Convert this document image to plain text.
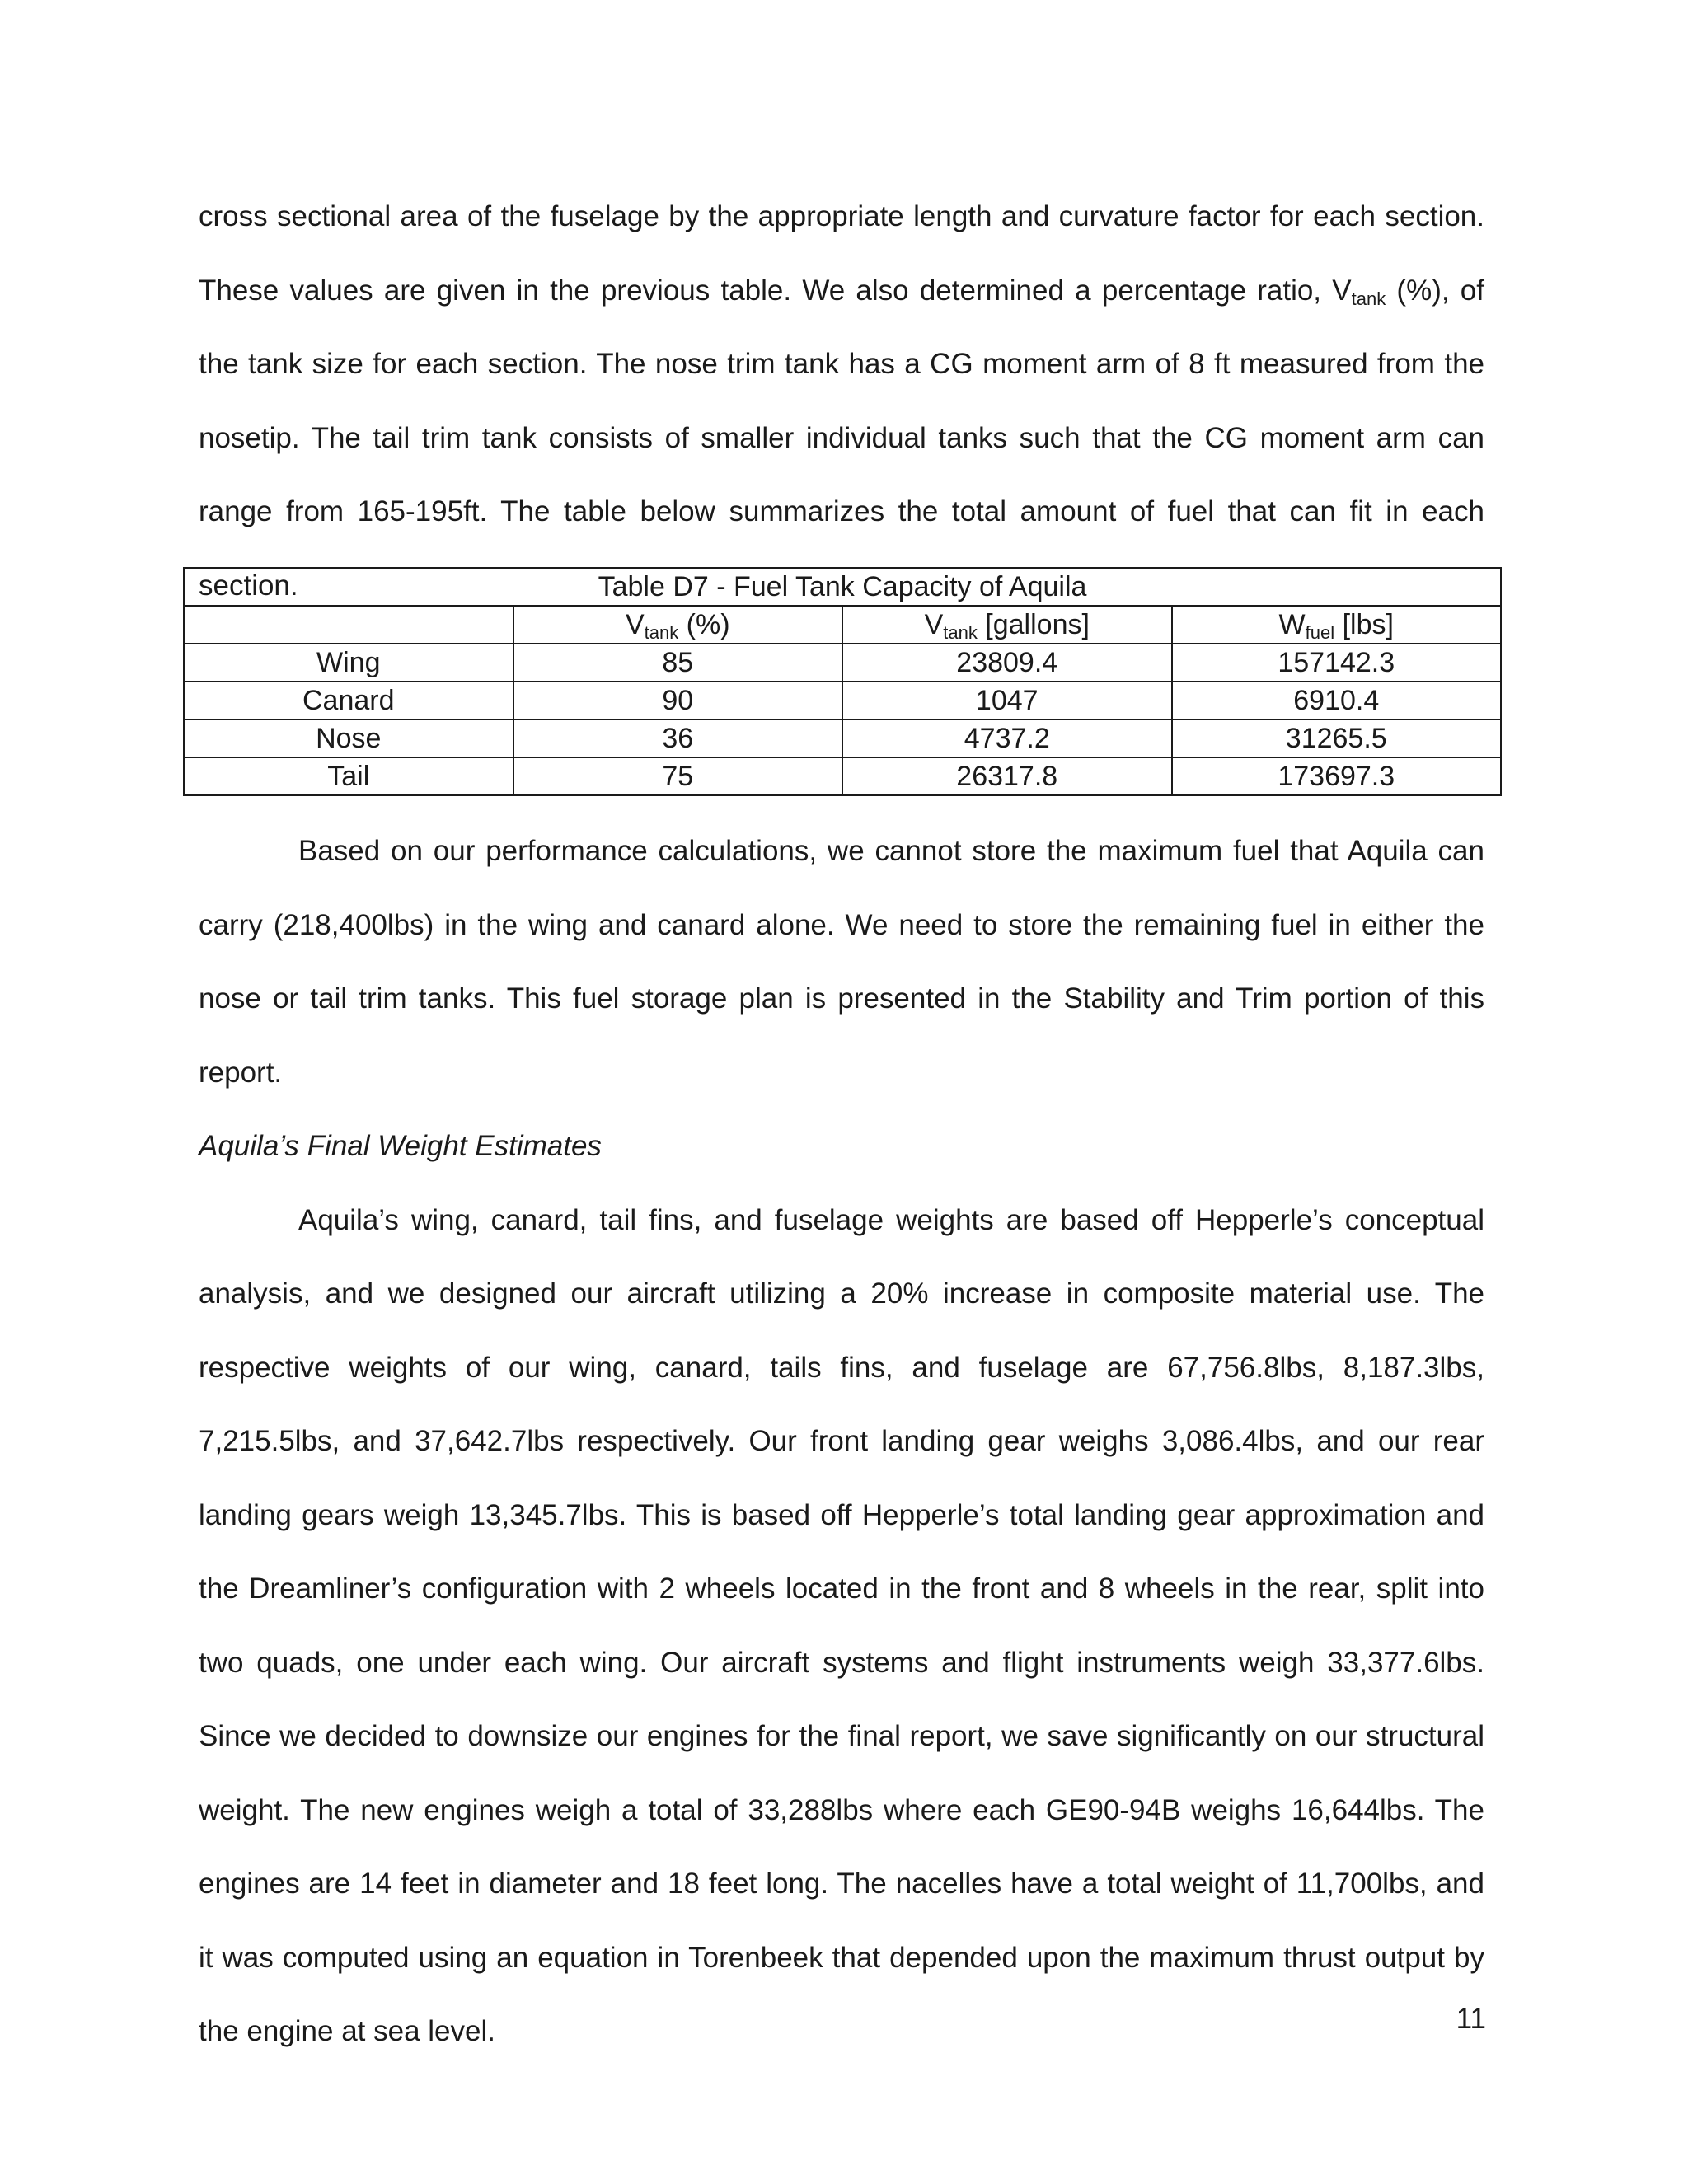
cross sectional area of the fuselage by the appropriate length and curvature factor for each section. These values are given in the previous table. We also determined a percentage ratio, $V_{tank}$ (%), of the tank size for each section. The nose trim tank has a CG moment arm of 8 ft measured from the nosetip. The tail trim tank consists of smaller individual tanks such that the CG moment arm can range from 165-195ft. The table below summarizes the total amount of fuel that can fit in each section.	Table D7 - Fuel Tank Capacity of Aquila			
	$V_{tank}$ (%)	$V_{tank}$ [gallons]	$W_{fuel}$ [lbs]
Wing	85	23809.4	157142.3
Canard	90	1047	6910.4
Nose	36	4737.2	31265.5
Tail	75	26317.8	173697.3

Based on our performance calculations, we cannot store the maximum fuel that Aquila can carry (218,400lbs) in the wing and canard alone. We need to store the remaining fuel in either the nose or tail trim tanks. This fuel storage plan is presented in the Stability and Trim portion of this report.

Aquila’s Final Weight Estimates

Aquila’s wing, canard, tail fins, and fuselage weights are based off Hepperle’s conceptual analysis, and we designed our aircraft utilizing a 20% increase in composite material use. The respective weights of our wing, canard, tails fins, and fuselage are 67,756.8lbs, 8,187.3lbs, 7,215.5lbs, and 37,642.7lbs respectively. Our front landing gear weighs 3,086.4lbs, and our rear landing gears weigh 13,345.7lbs. This is based off Hepperle’s total landing gear approximation and the Dreamliner’s configuration with 2 wheels located in the front and 8 wheels in the rear, split into two quads, one under each wing. Our aircraft systems and flight instruments weigh 33,377.6lbs. Since we decided to downsize our engines for the final report, we save significantly on our structural weight. The new engines weigh a total of 33,288lbs where each GE90-94B weighs 16,644lbs. The engines are 14 feet in diameter and 18 feet long. The nacelles have a total weight of 11,700lbs, and it was computed using an equation in Torenbeek that depended upon the maximum thrust output by the engine at sea level.	11
